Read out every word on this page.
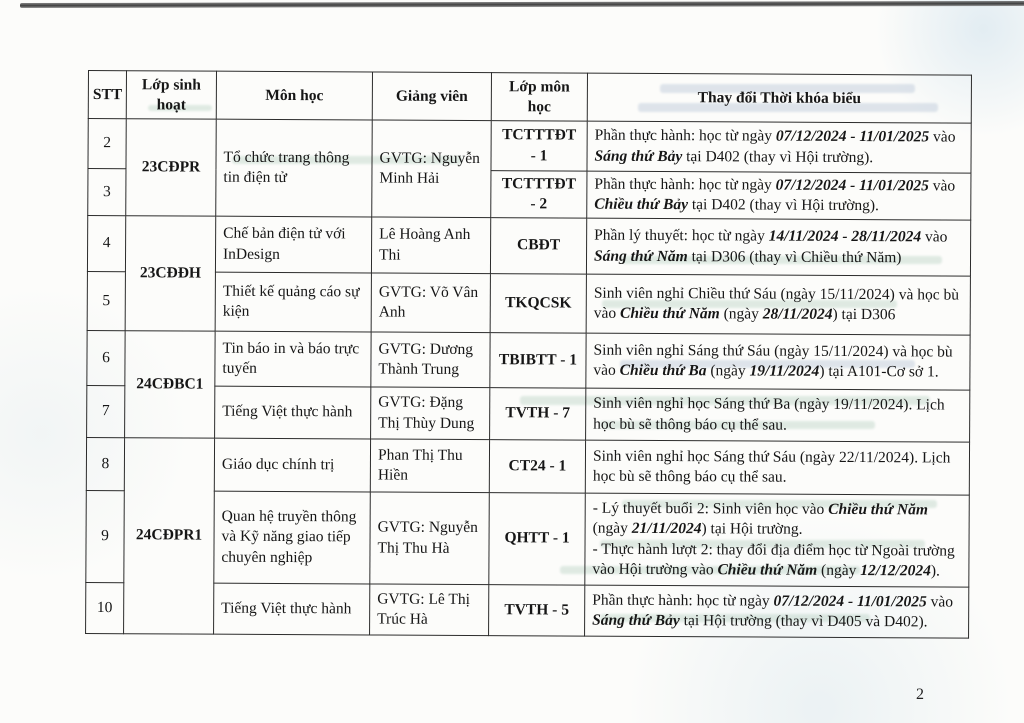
STT	Lớp sinh hoạt	Môn học	Giảng viên	Lớp môn học	Thay đổi Thời khóa biểu
2	23CĐPR	Tổ chức trang thông tin điện tử	GVTG: Nguyễn Minh Hải	TCTTTĐT - 1	Phần thực hành: học từ ngày 07/12/2024 - 11/01/2025 vào Sáng thứ Bảy tại D402 (thay vì Hội trường).
3				TCTTTĐT - 2	Phần thực hành: học từ ngày 07/12/2024 - 11/01/2025 vào Chiều thứ Bảy tại D402 (thay vì Hội trường).
4	23CĐĐH	Chế bản điện tử với InDesign	Lê Hoàng Anh Thi	CBĐT	Phần lý thuyết: học từ ngày 14/11/2024 - 28/11/2024 vào Sáng thứ Năm tại D306 (thay vì Chiều thứ Năm)
5		Thiết kế quảng cáo sự kiện	GVTG: Võ Vân Anh	TKQCSK	Sinh viên nghỉ Chiều thứ Sáu (ngày 15/11/2024) và học bù vào Chiều thứ Năm (ngày 28/11/2024) tại D306
6	24CĐBC1	Tin báo in và báo trực tuyến	GVTG: Dương Thành Trung	TBIBTT - 1	Sinh viên nghỉ Sáng thứ Sáu (ngày 15/11/2024) và học bù vào Chiều thứ Ba (ngày 19/11/2024) tại A101-Cơ sở 1.
7		Tiếng Việt thực hành	GVTG: Đặng Thị Thùy Dung	TVTH - 7	Sinh viên nghỉ học Sáng thứ Ba (ngày 19/11/2024). Lịch học bù sẽ thông báo cụ thể sau.
8	24CĐPR1	Giáo dục chính trị	Phan Thị Thu Hiền	CT24 - 1	Sinh viên nghỉ học Sáng thứ Sáu (ngày 22/11/2024). Lịch học bù sẽ thông báo cụ thể sau.
9		Quan hệ truyền thông và Kỹ năng giao tiếp chuyên nghiệp	GVTG: Nguyễn Thị Thu Hà	QHTT - 1	- Lý thuyết buổi 2: Sinh viên học vào Chiều thứ Năm (ngày 21/11/2024) tại Hội trường.
- Thực hành lượt 2: thay đổi địa điểm học từ Ngoài trường vào Hội trường vào Chiều thứ Năm (ngày 12/12/2024).
10		Tiếng Việt thực hành	GVTG: Lê Thị Trúc Hà	TVTH - 5	Phần thực hành: học từ ngày 07/12/2024 - 11/01/2025 vào Sáng thứ Bảy tại Hội trường (thay vì D405 và D402).
2
